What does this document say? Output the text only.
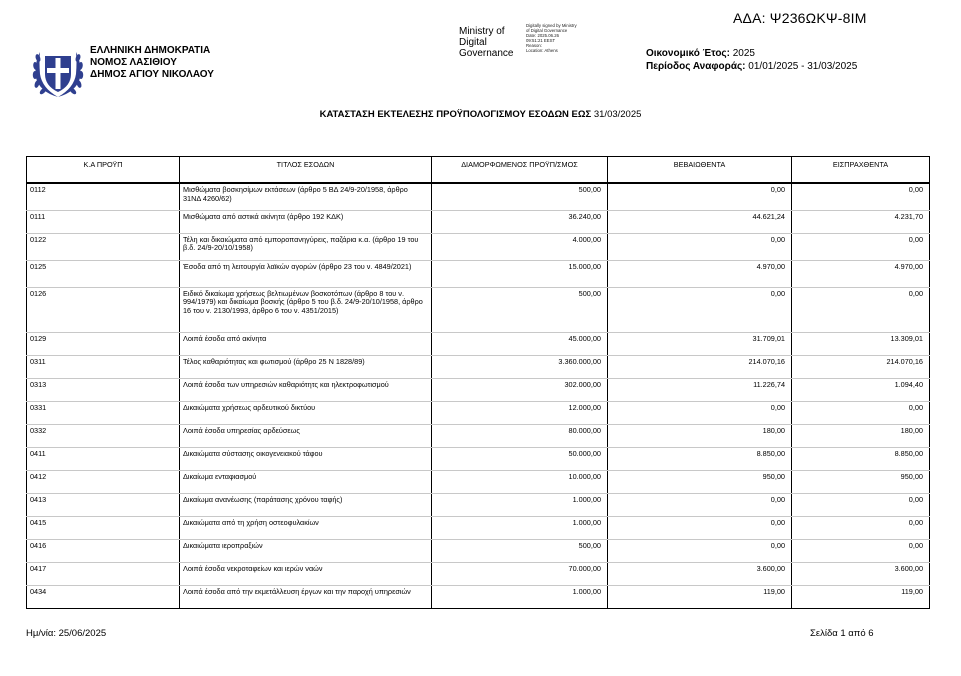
ΑΔΑ: Ψ236ΩΚΨ-8ΙΜ
ΕΛΛΗΝΙΚΗ ΔΗΜΟΚΡΑΤΙΑ
ΝΟΜΟΣ ΛΑΣΙΘΙΟΥ
ΔΗΜΟΣ ΑΓΙΟΥ ΝΙΚΟΛΑΟΥ
Ministry of
Digital
Governance
Digitally signed by Ministry
of Digital Governance
Date: 2025.06.26
09:51:21 EEST
Reason:
Location: Athens	Οικονομικό Έτος: 2025
Περίοδος Αναφοράς: 01/01/2025 - 31/03/2025
ΚΑΤΑΣΤΑΣΗ ΕΚΤΕΛΕΣΗΣ ΠΡΟΫΠΟΛΟΓΙΣΜΟΥ ΕΣΟΔΩΝ ΕΩΣ 31/03/2025
Κ.Α ΠΡΟΫΠ	ΤΙΤΛΟΣ ΕΣΟΔΩΝ	ΔΙΑΜΟΡΦΩΜΕΝΟΣ ΠΡΟΫΠ/ΣΜΟΣ	ΒΕΒΑΙΩΘΕΝΤΑ	ΕΙΣΠΡΑΧΘΕΝΤΑ
0112	Μισθώματα βοσκησίμων εκτάσεων (άρθρο 5 ΒΔ 24/9-20/1958, άρθρο 31ΝΔ 4260/62)	500,00	0,00	0,00
0111	Μισθώματα από αστικά ακίνητα (άρθρο 192 ΚΔΚ)	36.240,00	44.621,24	4.231,70
0122	Τέλη και δικαιώματα από εμποροπανηγύρεις, παζάρια κ.α. (άρθρο 19 του β.δ. 24/9-20/10/1958)	4.000,00	0,00	0,00
0125	Έσοδα από τη λειτουργία λαϊκών αγορών (άρθρο 23 του ν. 4849/2021)	15.000,00	4.970,00	4.970,00
0126	Ειδικό δικαίωμα χρήσεως βελτιωμένων βοσκοτόπων (άρθρο 8 του ν. 994/1979) και δικαίωμα βοσκής (άρθρο 5 του β.δ. 24/9-20/10/1958, άρθρο 16 του ν. 2130/1993, άρθρο 6 του ν. 4351/2015)	500,00	0,00	0,00
0129	Λοιπά έσοδα από ακίνητα	45.000,00	31.709,01	13.309,01
0311	Τέλος καθαριότητας και φωτισμού (άρθρο 25 Ν 1828/89)	3.360.000,00	214.070,16	214.070,16
0313	Λοιπά έσοδα των υπηρεσιών καθαριότητς και ηλεκτροφωτισμού	302.000,00	11.226,74	1.094,40
0331	Δικαιώματα χρήσεως αρδευτικού δικτύου	12.000,00	0,00	0,00
0332	Λοιπά έσοδα υπηρεσίας αρδεύσεως	80.000,00	180,00	180,00
0411	Δικαιώματα σύστασης οικογενειακού τάφου	50.000,00	8.850,00	8.850,00
0412	Δικαίωμα ενταφιασμού	10.000,00	950,00	950,00
0413	Δικαίωμα ανανέωσης (παράτασης χρόνου ταφής)	1.000,00	0,00	0,00
0415	Δικαιώματα από τη χρήση οστεοφυλακίων	1.000,00	0,00	0,00
0416	Δικαιώματα ιεροπραξιών	500,00	0,00	0,00
0417	Λοιπά έσοδα νεκροταφείων και ιερών ναών	70.000,00	3.600,00	3.600,00
0434	Λοιπά έσοδα από την εκμετάλλευση έργων και την παροχή υπηρεσιών	1.000,00	119,00	119,00
Ημ/νία: 25/06/2025	Σελίδα 1 από 6
